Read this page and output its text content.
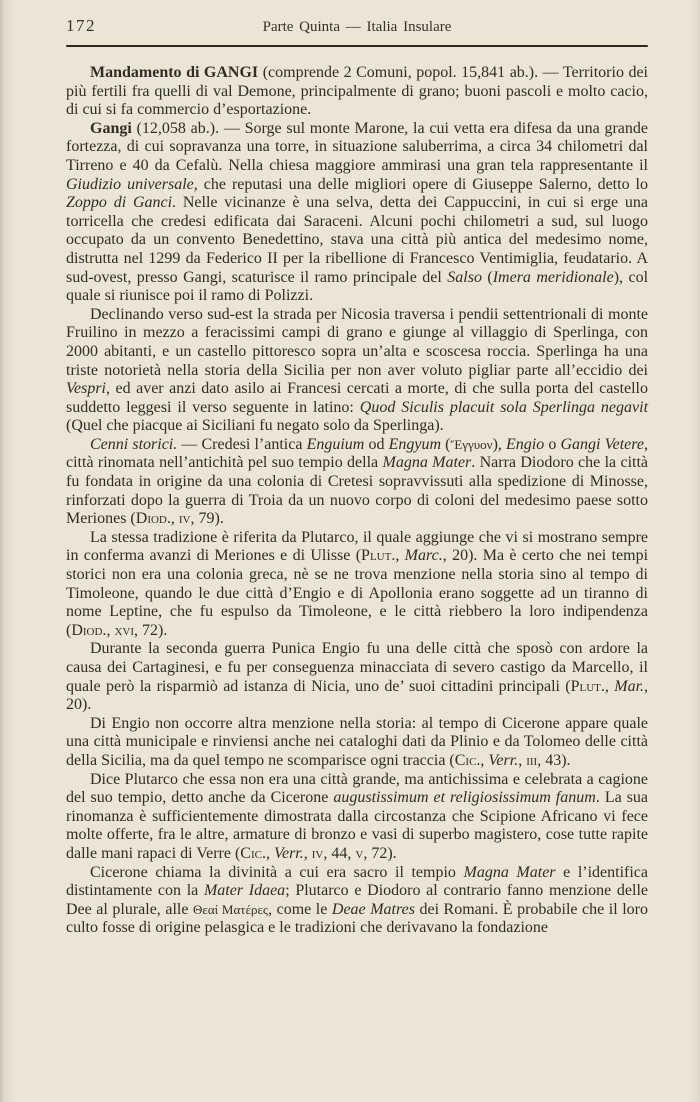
172	Parte Quinta — Italia Insulare

Mandamento di GANGI (comprende 2 Comuni, popol. 15,841 ab.). — Territorio dei più fertili fra quelli di val Demone, principalmente di grano; buoni pascoli e molto cacio, di cui si fa commercio d’esportazione.

Gangi (12,058 ab.). — Sorge sul monte Marone, la cui vetta era difesa da una grande fortezza, di cui sopravanza una torre, in situazione saluberrima, a circa 34 chilometri dal Tirreno e 40 da Cefalù. Nella chiesa maggiore ammirasi una gran tela rappresentante il Giudizio universale, che reputasi una delle migliori opere di Giuseppe Salerno, detto lo Zoppo di Ganci. Nelle vicinanze è una selva, detta dei Cappuccini, in cui si erge una torricella che credesi edificata dai Saraceni. Alcuni pochi chilometri a sud, sul luogo occupato da un convento Benedettino, stava una città più antica del medesimo nome, distrutta nel 1299 da Federico II per la ribellione di Francesco Ventimiglia, feudatario. A sud-ovest, presso Gangi, scaturisce il ramo principale del Salso (Imera meridionale), col quale si riunisce poi il ramo di Polizzi.

Declinando verso sud-est la strada per Nicosia traversa i pendii settentrionali di monte Fruilino in mezzo a feracissimi campi di grano e giunge al villaggio di Sperlinga, con 2000 abitanti, e un castello pittoresco sopra un’alta e scoscesa roccia. Sperlinga ha una triste notorietà nella storia della Sicilia per non aver voluto pigliar parte all’eccidio dei Vespri, ed aver anzi dato asilo ai Francesi cercati a morte, di che sulla porta del castello suddetto leggesi il verso seguente in latino: Quod Siculis placuit sola Sperlinga negavit (Quel che piacque ai Siciliani fu negato solo da Sperlinga).

Cenni storici. — Credesi l’antica Enguium od Engyum (Ἔγγυον), Engio o Gangi Vetere, città rinomata nell’antichità pel suo tempio della Magna Mater. Narra Diodoro che la città fu fondata in origine da una colonia di Cretesi sopravvissuti alla spedizione di Minosse, rinforzati dopo la guerra di Troia da un nuovo corpo di coloni del medesimo paese sotto Meriones (Diod., iv, 79).

La stessa tradizione è riferita da Plutarco, il quale aggiunge che vi si mostrano sempre in conferma avanzi di Meriones e di Ulisse (Plut., Marc., 20). Ma è certo che nei tempi storici non era una colonia greca, nè se ne trova menzione nella storia sino al tempo di Timoleone, quando le due città d’Engio e di Apollonia erano soggette ad un tiranno di nome Leptine, che fu espulso da Timoleone, e le città riebbero la loro indipendenza (Diod., xvi, 72).

Durante la seconda guerra Punica Engio fu una delle città che sposò con ardore la causa dei Cartaginesi, e fu per conseguenza minacciata di severo castigo da Marcello, il quale però la risparmiò ad istanza di Nicia, uno de’ suoi cittadini principali (Plut., Mar., 20).

Di Engio non occorre altra menzione nella storia: al tempo di Cicerone appare quale una città municipale e rinviensi anche nei cataloghi dati da Plinio e da Tolomeo delle città della Sicilia, ma da quel tempo ne scomparisce ogni traccia (Cic., Verr., iii, 43).

Dice Plutarco che essa non era una città grande, ma antichissima e celebrata a cagione del suo tempio, detto anche da Cicerone augustissimum et religiosissimum fanum. La sua rinomanza è sufficientemente dimostrata dalla circostanza che Scipione Africano vi fece molte offerte, fra le altre, armature di bronzo e vasi di superbo magistero, cose tutte rapite dalle mani rapaci di Verre (Cic., Verr., iv, 44, v, 72).

Cicerone chiama la divinità a cui era sacro il tempio Magna Mater e l’identifica distintamente con la Mater Idaea; Plutarco e Diodoro al contrario fanno menzione delle Dee al plurale, alle Θεαί Ματέρες, come le Deae Matres dei Romani. È probabile che il loro culto fosse di origine pelasgica e le tradizioni che derivavano la fondazione
